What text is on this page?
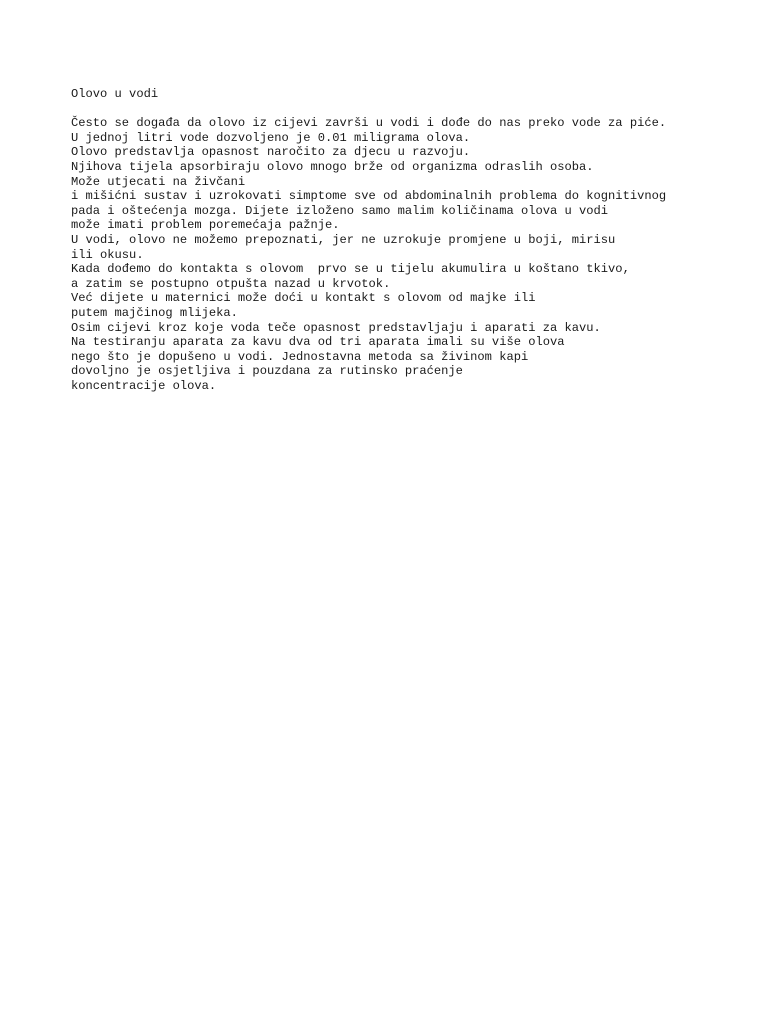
Olovo u vodi
Često se događa da olovo iz cijevi završi u vodi i dođe do nas preko vode za piće.
U jednoj litri vode dozvoljeno je 0.01 miligrama olova.
Olovo predstavlja opasnost naročito za djecu u razvoju.
Njihova tijela apsorbiraju olovo mnogo brže od organizma odraslih osoba.
Može utjecati na živčani
i mišićni sustav i uzrokovati simptome sve od abdominalnih problema do kognitivnog
pada i oštećenja mozga. Dijete izloženo samo malim količinama olova u vodi
može imati problem poremećaja pažnje.
U vodi, olovo ne možemo prepoznati, jer ne uzrokuje promjene u boji, mirisu
ili okusu.
Kada dođemo do kontakta s olovom  prvo se u tijelu akumulira u koštano tkivo,
a zatim se postupno otpušta nazad u krvotok.
Već dijete u maternici može doći u kontakt s olovom od majke ili
putem majčinog mlijeka.
Osim cijevi kroz koje voda teče opasnost predstavljaju i aparati za kavu.
Na testiranju aparata za kavu dva od tri aparata imali su više olova
nego što je dopušeno u vodi. Jednostavna metoda sa živinom kapi
dovoljno je osjetljiva i pouzdana za rutinsko praćenje
koncentracije olova.
